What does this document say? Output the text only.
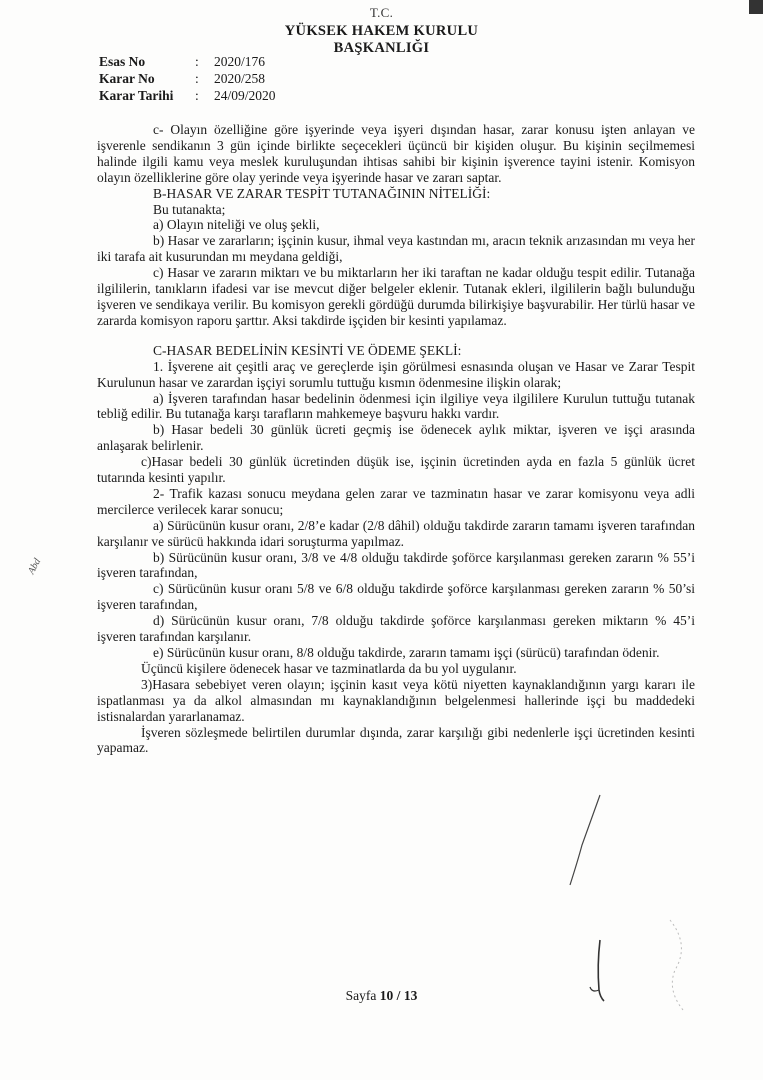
T.C.
YÜKSEK HAKEM KURULU
BAŞKANLIĞI
Esas No	:	2020/176
Karar No	:	2020/258
Karar Tarihi	:	24/09/2020

c- Olayın özelliğine göre işyerinde veya işyeri dışından hasar, zarar konusu işten anlayan ve işverenle sendikanın 3 gün içinde birlikte seçecekleri üçüncü bir kişiden oluşur. Bu kişinin seçilmemesi halinde ilgili kamu veya meslek kuruluşundan ihtisas sahibi bir kişinin işverence tayini istenir. Komisyon olayın özelliklerine göre olay yerinde veya işyerinde hasar ve zararı saptar.

B-HASAR VE ZARAR TESPİT TUTANAĞININ NİTELİĞİ:

Bu tutanakta;

a) Olayın niteliği ve oluş şekli,

b) Hasar ve zararların; işçinin kusur, ihmal veya kastından mı, aracın teknik arızasından mı veya her iki tarafa ait kusurundan mı meydana geldiği,

c) Hasar ve zararın miktarı ve bu miktarların her iki taraftan ne kadar olduğu tespit edilir. Tutanağa ilgililerin, tanıkların ifadesi var ise mevcut diğer belgeler eklenir. Tutanak ekleri, ilgililerin bağlı bulunduğu işveren ve sendikaya verilir. Bu komisyon gerekli gördüğü durumda bilirkişiye başvurabilir. Her türlü hasar ve zararda komisyon raporu şarttır. Aksi takdirde işçiden bir kesinti yapılamaz.

C-HASAR BEDELİNİN KESİNTİ VE ÖDEME ŞEKLİ:

1. İşverene ait çeşitli araç ve gereçlerde işin görülmesi esnasında oluşan ve Hasar ve Zarar Tespit Kurulunun hasar ve zarardan işçiyi sorumlu tuttuğu kısmın ödenmesine ilişkin olarak;

a) İşveren tarafından hasar bedelinin ödenmesi için ilgiliye veya ilgililere Kurulun tuttuğu tutanak tebliğ edilir. Bu tutanağa karşı tarafların mahkemeye başvuru hakkı vardır.

b) Hasar bedeli 30 günlük ücreti geçmiş ise ödenecek aylık miktar, işveren ve işçi arasında anlaşarak belirlenir.

c)Hasar bedeli 30 günlük ücretinden düşük ise, işçinin ücretinden ayda en fazla 5 günlük ücret tutarında kesinti yapılır.

2- Trafik kazası sonucu meydana gelen zarar ve tazminatın hasar ve zarar komisyonu veya adli mercilerce verilecek karar sonucu;

a) Sürücünün kusur oranı, 2/8’e kadar (2/8 dâhil) olduğu takdirde zararın tamamı işveren tarafından karşılanır ve sürücü hakkında idari soruşturma yapılmaz.

b) Sürücünün kusur oranı, 3/8 ve 4/8 olduğu takdirde şoförce karşılanması gereken zararın % 55’i işveren tarafından,

c) Sürücünün kusur oranı 5/8 ve 6/8 olduğu takdirde şoförce karşılanması gereken zararın % 50’si işveren tarafından,

d) Sürücünün kusur oranı, 7/8 olduğu takdirde şoförce karşılanması gereken miktarın % 45’i işveren tarafından karşılanır.

e) Sürücünün kusur oranı, 8/8 olduğu takdirde, zararın tamamı işçi (sürücü) tarafından ödenir.

Üçüncü kişilere ödenecek hasar ve tazminatlarda da bu yol uygulanır.

3)Hasara sebebiyet veren olayın; işçinin kasıt veya kötü niyetten kaynaklandığının yargı kararı ile ispatlanması ya da alkol almasından mı kaynaklandığının belgelenmesi hallerinde işçi bu maddedeki istisnalardan yararlanamaz.

İşveren sözleşmede belirtilen durumlar dışında, zarar karşılığı gibi nedenlerle işçi ücretinden kesinti yapamaz.

Abd
Sayfa 10 / 13
